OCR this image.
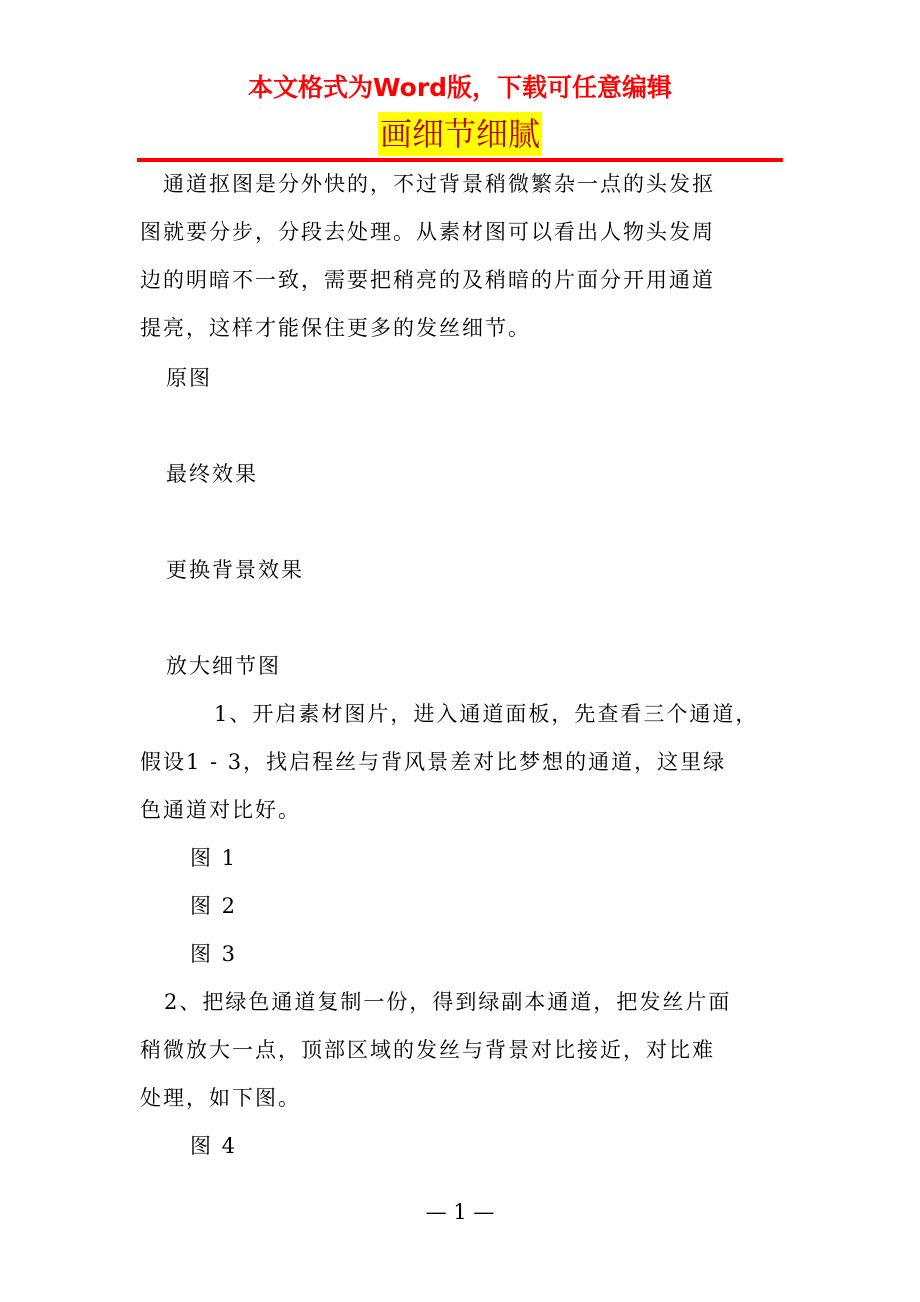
本文格式为Word版，下载可任意编辑
画细节细腻
　通道抠图是分外快的，不过背景稍微繁杂一点的头发抠
图就要分步，分段去处理。从素材图可以看出人物头发周
边的明暗不一致，需要把稍亮的及稍暗的片面分开用通道
提亮，这样才能保住更多的发丝细节。
原图
最终效果
更换背景效果
放大细节图
1、开启素材图片，进入通道面板，先查看三个通道，
假设1 - 3，找启程丝与背风景差对比梦想的通道，这里绿
色通道对比好。
图 1
图 2
图 3
2、把绿色通道复制一份，得到绿副本通道，把发丝片面
稍微放大一点，顶部区域的发丝与背景对比接近，对比难
处理，如下图。
图 4
— 1 —
